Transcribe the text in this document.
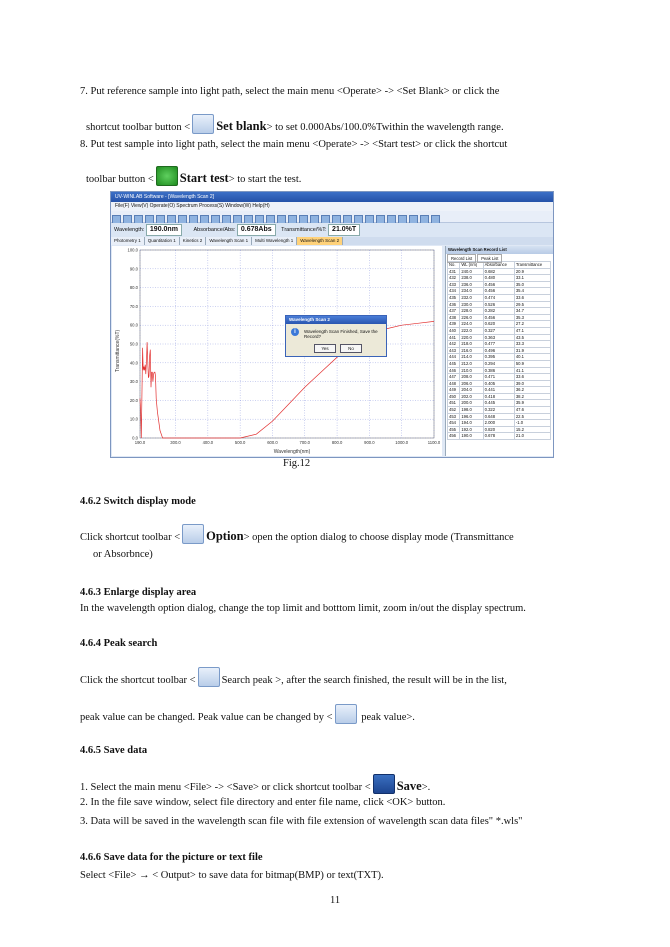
7. Put reference sample into light path, select the main menu <Operate> -> <Set Blank> or click the
shortcut toolbar button < Set blank> to set 0.000Abs/100.0%Twithin the wavelength range.
8. Put test sample into light path, select the main menu <Operate> -> <Start test> or click the shortcut
toolbar button < Start test> to start the test.
UV-WINLAB Software - [Wavelength Scan 2]
File(F) View(V) Operate(O) Spectrum Process(S) Window(W) Help(H)
Wavelength: 190.0nm	Absorbance/Abs: 0.678Abs Transmittance/%T: 21.0%T
Photometry 1 Quantitation 1 Kinetics 2 Wavelength Scan 1 Multi Wavelength 1 Wavelength Scan 2
0.0
10.0
20.0
30.0
40.0
50.0
60.0
70.0
80.0
90.0
100.0
190.0	300.0	400.0	500.0	600.0	700.0	800.0	900.0	1000.0	1100.0
Transmittance(%T)
Wavelength(nm)
Wavelength Scan 2
i	Wavelength Scan Finished, Save the Record?
Yes	No
Wavelength Scan Record List
Record List Peak List
No.	WL (nm)	Absorbance	Transmittance
431	240.0	0.682	20.9
432	238.0	0.480	33.1
433	236.0	0.456	35.0
434	234.0	0.456	35.4
435	232.0	0.474	33.6
436	230.0	0.526	29.5
437	228.0	0.282	34.7
438	226.0	0.456	35.3
439	224.0	0.620	27.2
440	222.0	0.327	47.1
441	220.0	0.363	43.5
442	218.0	0.477	33.3
443	216.0	0.496	31.9
444	214.0	0.395	40.1
445	212.0	0.294	50.9
446	210.0	0.386	41.1
447	208.0	0.471	33.6
448	206.0	0.405	39.0
449	204.0	0.441	36.2
450	202.0	0.418	38.2
451	200.0	0.445	35.9
452	198.0	0.322	47.6
453	196.0	0.648	22.5
454	194.0	2.000	-1.0
455	192.0	0.820	15.2
456	190.0	0.678	21.0
Fig.12
4.6.2 Switch display mode
Click shortcut toolbar < Option> open the option dialog to choose display mode (Transmittance
or Absorbnce)
4.6.3 Enlarge display area
In the wavelength option dialog, change the top limit and botttom limit, zoom in/out the display spectrum.
4.6.4 Peak search
Click the shortcut toolbar < Search peak >, after the search finished, the result will be in the list,
peak value can be changed. Peak value can be changed by < peak value>.
4.6.5 Save data
1. Select the main menu <File> -> <Save> or click shortcut toolbar < Save>.
2. In the file save window, select file directory and enter file name, click <OK> button.
3. Data will be saved in the wavelength scan file with file extension of wavelength scan data files" *.wls"
4.6.6 Save data for the picture or text file
Select <File> → < Output> to save data for bitmap(BMP) or text(TXT).
11
